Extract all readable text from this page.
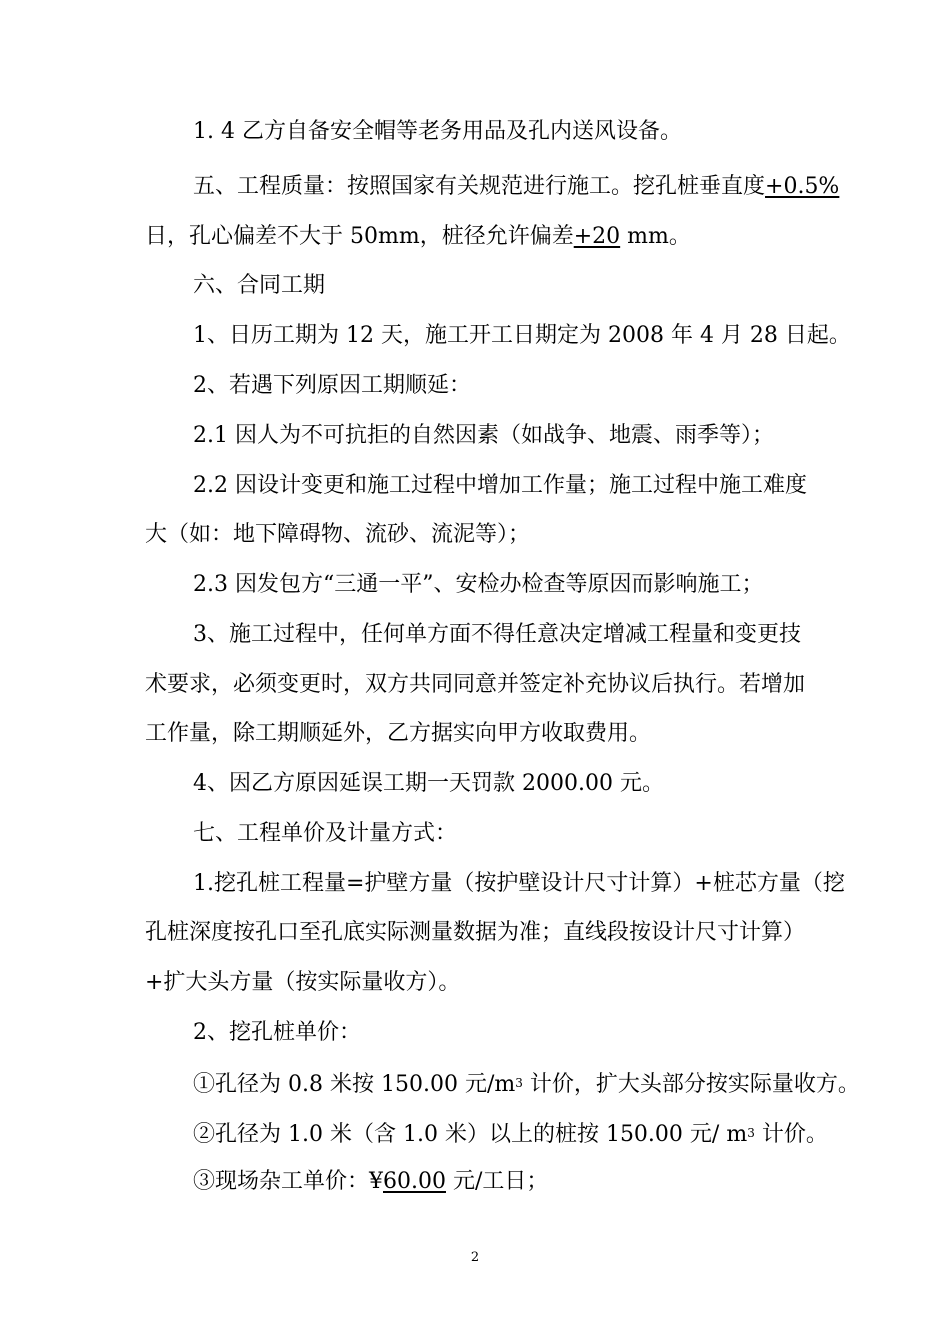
1. 4 乙方自备安全帽等老务用品及孔内送风设备。
五、工程质量：按照国家有关规范进行施工。挖孔桩垂直度+0.5%
日，孔心偏差不大于 50mm，桩径允许偏差+20 mm。
六、合同工期
1、日历工期为 12 天，施工开工日期定为 2008 年 4 月 28 日起。
2、若遇下列原因工期顺延：
2.1 因人为不可抗拒的自然因素（如战争、地震、雨季等）；
2.2 因设计变更和施工过程中增加工作量；施工过程中施工难度
大（如：地下障碍物、流砂、流泥等）；
2.3 因发包方“三通一平”、安检办检查等原因而影响施工；
3、施工过程中，任何单方面不得任意决定增减工程量和变更技
术要求，必须变更时，双方共同同意并签定补充协议后执行。若增加
工作量，除工期顺延外，乙方据实向甲方收取费用。
4、因乙方原因延误工期一天罚款 2000.00 元。
七、工程单价及计量方式：
1.挖孔桩工程量=护壁方量（按护壁设计尺寸计算）+桩芯方量（挖
孔桩深度按孔口至孔底实际测量数据为准；直线段按设计尺寸计算）
+扩大头方量（按实际量收方）。
2、挖孔桩单价：
①孔径为 0.8 米按 150.00 元$/m^3$ 计价，扩大头部分按实际量收方。
②孔径为 1.0 米（含 1.0 米）以上的桩按 150.00 元/ $m^3$ 计价。
③现场杂工单价：¥60.00 元/工日；
2
